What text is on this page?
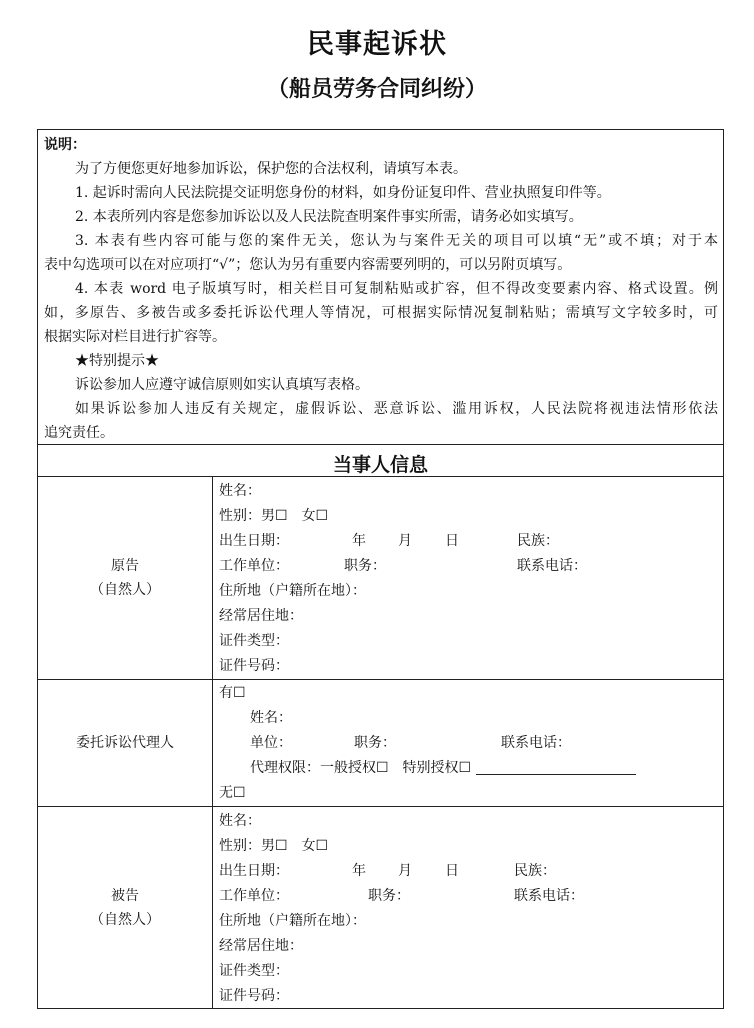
民事起诉状
（船员劳务合同纠纷）
说明：
为了方便您更好地参加诉讼，保护您的合法权利，请填写本表。
1. 起诉时需向人民法院提交证明您身份的材料，如身份证复印件、营业执照复印件等。
2. 本表所列内容是您参加诉讼以及人民法院查明案件事实所需，请务必如实填写。
3. 本表有些内容可能与您的案件无关，您认为与案件无关的项目可以填“无”或不填；对于本
表中勾选项可以在对应项打“√”；您认为另有重要内容需要列明的，可以另附页填写。
4. 本表 word 电子版填写时，相关栏目可复制粘贴或扩容，但不得改变要素内容、格式设置。例
如，多原告、多被告或多委托诉讼代理人等情况，可根据实际情况复制粘贴；需填写文字较多时，可
根据实际对栏目进行扩容等。
★特别提示★
诉讼参加人应遵守诚信原则如实认真填写表格。
如果诉讼参加人违反有关规定，虚假诉讼、恶意诉讼、滥用诉权，人民法院将视违法情形依法
追究责任。
当事人信息
原告
（自然人）
姓名：
性别：男☐　女☐
出生日期：	年 月 日	民族：
工作单位：	职务：	联系电话：
住所地（户籍所在地）：
经常居住地：
证件类型：
证件号码：
委托诉讼代理人
有☐
姓名：
单位：	职务：	联系电话：
代理权限：一般授权☐　特别授权☐
无☐
被告
（自然人）
姓名：
性别：男☐　女☐
出生日期：	年 月 日	民族：
工作单位：	职务：	联系电话：
住所地（户籍所在地）：
经常居住地：
证件类型：
证件号码：
